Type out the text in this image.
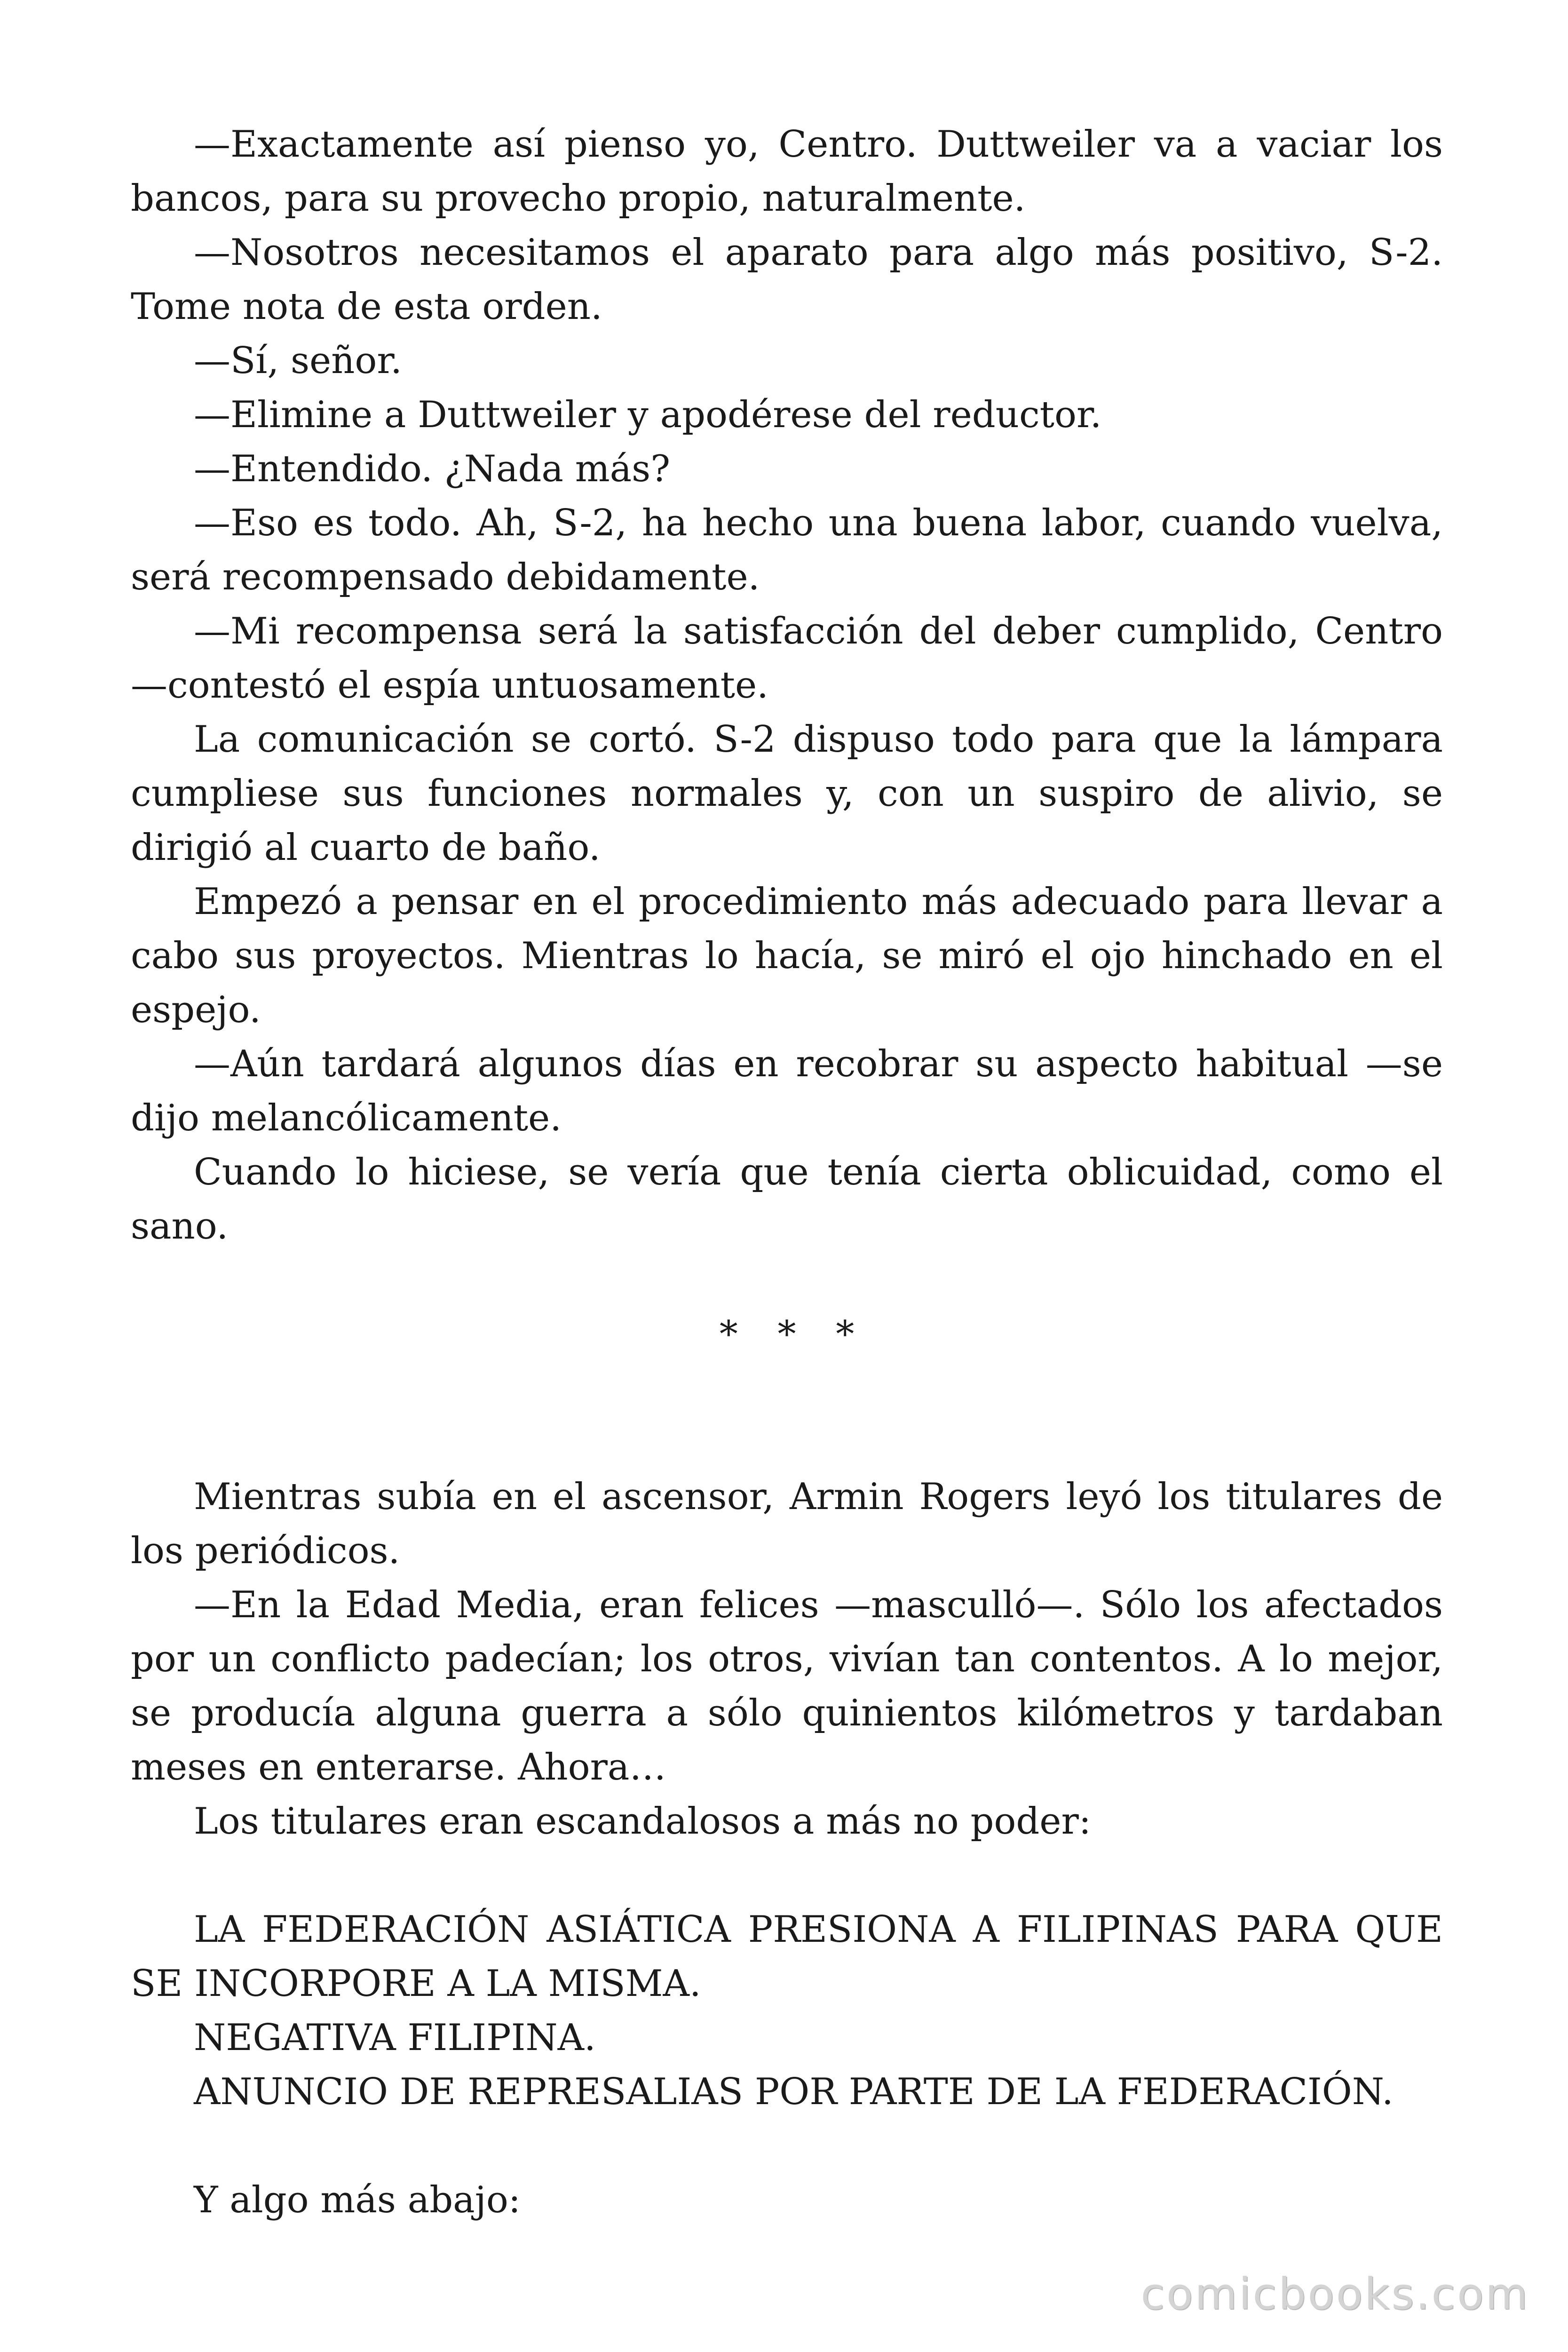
—Exactamente así pienso yo, Centro. Duttweiler va a vaciar los bancos, para su provecho propio, naturalmente.

—Nosotros necesitamos el aparato para algo más positivo, S-2. Tome nota de esta orden.

—Sí, señor.

—Elimine a Duttweiler y apodérese del reductor.

—Entendido. ¿Nada más?

—Eso es todo. Ah, S-2, ha hecho una buena labor, cuando vuelva, será recompensado debidamente.

—Mi recompensa será la satisfacción del deber cumplido, Centro —contestó el espía untuosamente.

La comunicación se cortó. S-2 dispuso todo para que la lámpara cumpliese sus funciones normales y, con un suspiro de alivio, se dirigió al cuarto de baño.

Empezó a pensar en el procedimiento más adecuado para llevar a cabo sus proyectos. Mientras lo hacía, se miró el ojo hinchado en el espejo.

—Aún tardará algunos días en recobrar su aspecto habitual —se dijo melancólicamente.

Cuando lo hiciese, se vería que tenía cierta oblicuidad, como el sano.

* * *

Mientras subía en el ascensor, Armin Rogers leyó los titulares de los periódicos.

—En la Edad Media, eran felices —masculló—. Sólo los afectados por un conflicto padecían; los otros, vivían tan contentos. A lo mejor, se producía alguna guerra a sólo quinientos kilómetros y tardaban meses en enterarse. Ahora…

Los titulares eran escandalosos a más no poder:

LA FEDERACIÓN ASIÁTICA PRESIONA A FILIPINAS PARA QUE SE INCORPORE A LA MISMA.

NEGATIVA FILIPINA.

ANUNCIO DE REPRESALIAS POR PARTE DE LA FEDERACIÓN.

Y algo más abajo:

comicbooks.com
